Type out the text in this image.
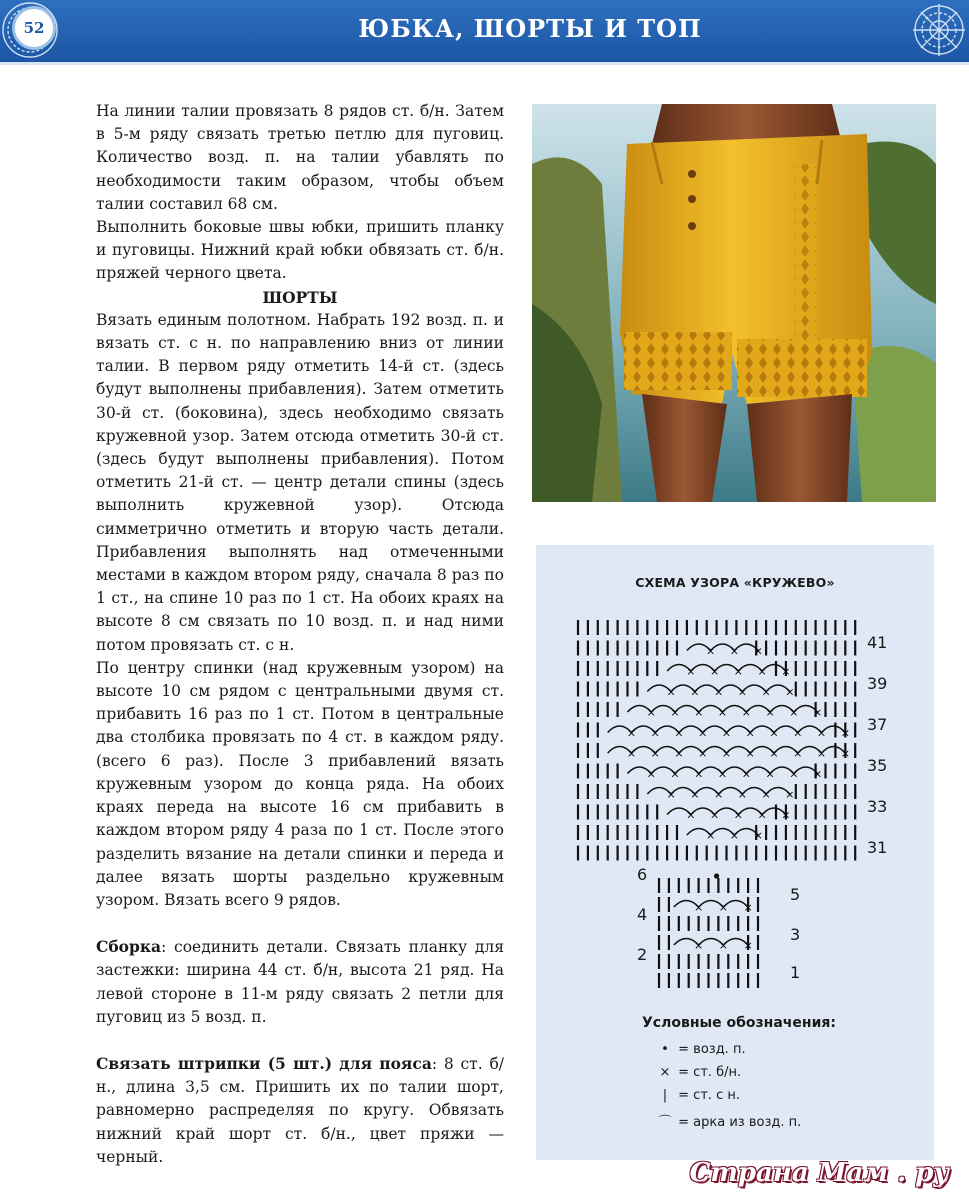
52	ЮБКА, ШОРТЫ И ТОП

На линии талии провязать 8 рядов ст. б/н. Затем в 5-м ряду связать третью петлю для пуговиц. Количество возд. п. на талии убавлять по необходимости таким образом, чтобы объем талии составил 68 см.

Выполнить боковые швы юбки, пришить планку и пуговицы. Нижний край юбки обвязать ст. б/н. пряжей черного цвета.

ШОРТЫ

Вязать единым полотном. Набрать 192 возд. п. и вязать ст. с н. по направлению вниз от линии талии. В первом ряду отметить 14-й ст. (здесь будут выполнены прибавления). Затем отметить 30-й ст. (боковина), здесь необходимо связать кружевной узор. Затем отсюда отметить 30-й ст. (здесь будут выполнены прибавления). Потом отметить 21-й ст. — центр детали спины (здесь выполнить кружевной узор). Отсюда симметрично отметить и вторую часть детали. Прибавления выполнять над отмеченными местами в каждом втором ряду, сначала 8 раз по 1 ст., на спине 10 раз по 1 ст. На обоих краях на высоте 8 см связать по 10 возд. п. и над ними потом провязать ст. с н.

По центру спинки (над кружевным узором) на высоте 10 см рядом с центральными двумя ст. прибавить 16 раз по 1 ст. Потом в центральные два столбика провязать по 4 ст. в каждом ряду. (всего 6 раз). После 3 прибавлений вязать кружевным узором до конца ряда. На обоих краях переда на высоте 16 см прибавить в каждом втором ряду 4 раза по 1 ст. После этого разделить вязание на детали спинки и переда и далее вязать шорты раздельно кружевным узором. Вязать всего 9 рядов.

Сборка: соединить детали. Связать планку для застежки: ширина 44 ст. б/н, высота 21 ряд. На левой стороне в 11-м ряду связать 2 петли для пуговиц из 5 возд. п.

Связать штрипки (5 шт.) для пояса: 8 ст. б/н., длина 3,5 см. Пришить их по талии шорт, равномерно распределяя по кругу. Обвязать нижний край шорт ст. б/н., цвет пряжи — черный.

СХЕМА УЗОРА «КРУЖЕВО»
× × ×
× × × × ×
× × × × × ×
× × × × × × × ×
× × × × × × × × × ×
× × × × × × × × × ×
× × × × × × × ×
× × × × × ×
× × × × ×
× × ×
× × ×
× × ×
41
39
37
35
33
31
6
4
2
5
3
1
Условные обозначения:
• = возд. п.
× = ст. б/н.
| = ст. с н.
⌒ = арка из возд. п.
Страна Мам . ру
